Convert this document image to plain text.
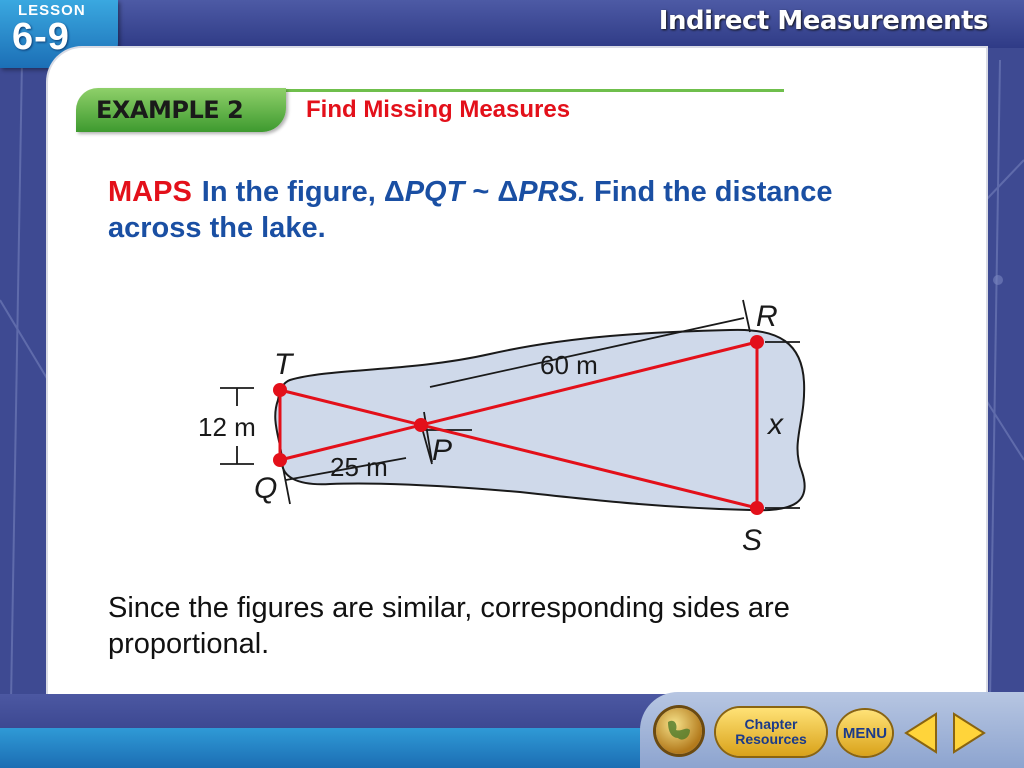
LESSON
6-9	Indirect Measurements
EXAMPLE 2	Find Missing Measures
MAPS In the figure, ΔPQT ~ ΔPRS. Find the distance across the lake.
T
Q
P
R
S
12 m
60 m
25 m
x
Since the figures are similar, corresponding sides are proportional.
Chapter Resources	MENU
